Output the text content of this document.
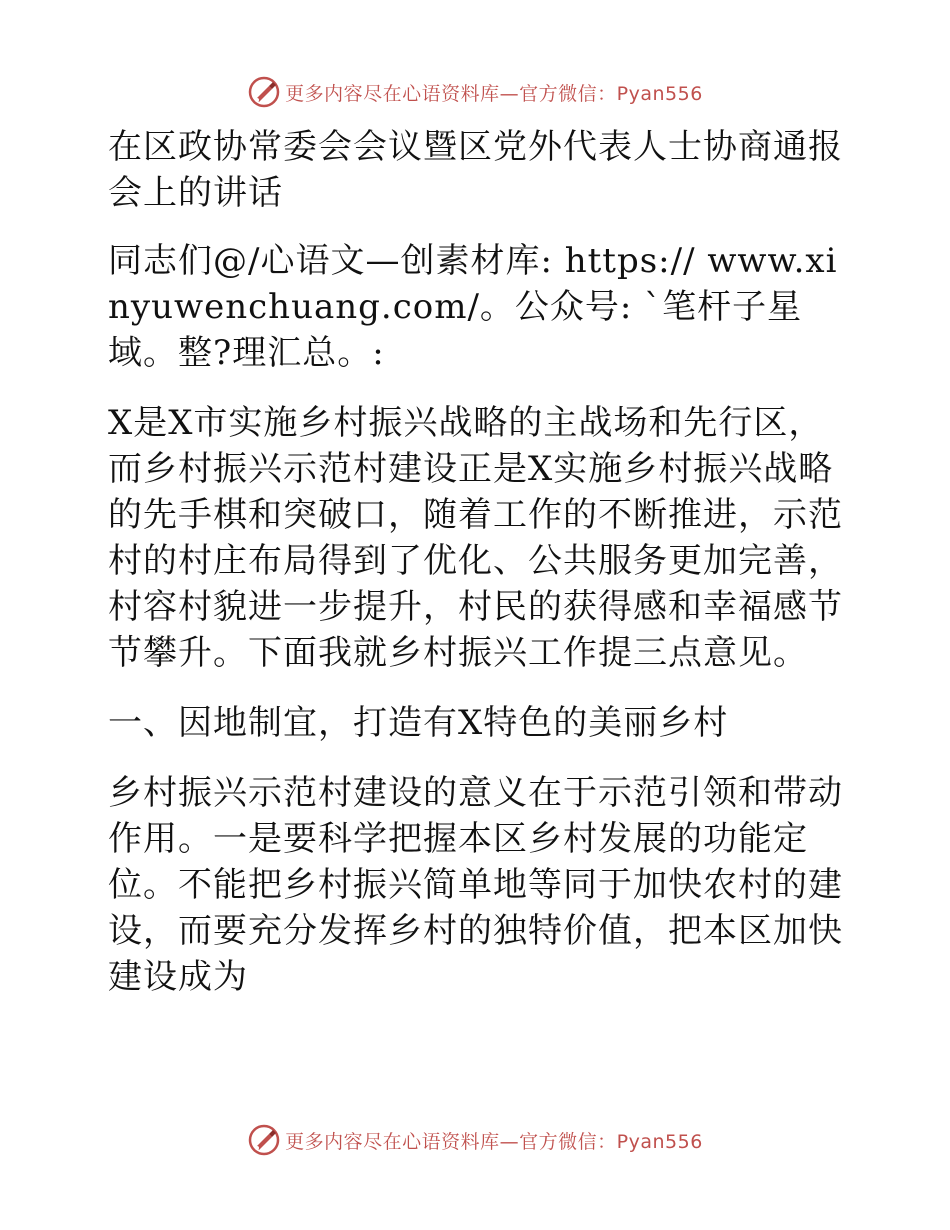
更多内容尽在心语资料库—官方微信：Pyan556

在区政协常委会会议暨区党外代表人士协商通报会上的讲话

同志们@/心语文—创素材库: https:// www.xinyuwenchuang.com/。公众号: `笔杆子星域。整?理汇总。:

X是X市实施乡村振兴战略的主战场和先行区，而乡村振兴示范村建设正是X实施乡村振兴战略的先手棋和突破口，随着工作的不断推进，示范村的村庄布局得到了优化、公共服务更加完善，村容村貌进一步提升，村民的获得感和幸福感节节攀升。下面我就乡村振兴工作提三点意见。

一、因地制宜，打造有X特色的美丽乡村

乡村振兴示范村建设的意义在于示范引领和带动作用。一是要科学把握本区乡村发展的功能定位。不能把乡村振兴简单地等同于加快农村的建设，而要充分发挥乡村的独特价值，把本区加快建设成为

更多内容尽在心语资料库—官方微信：Pyan556
